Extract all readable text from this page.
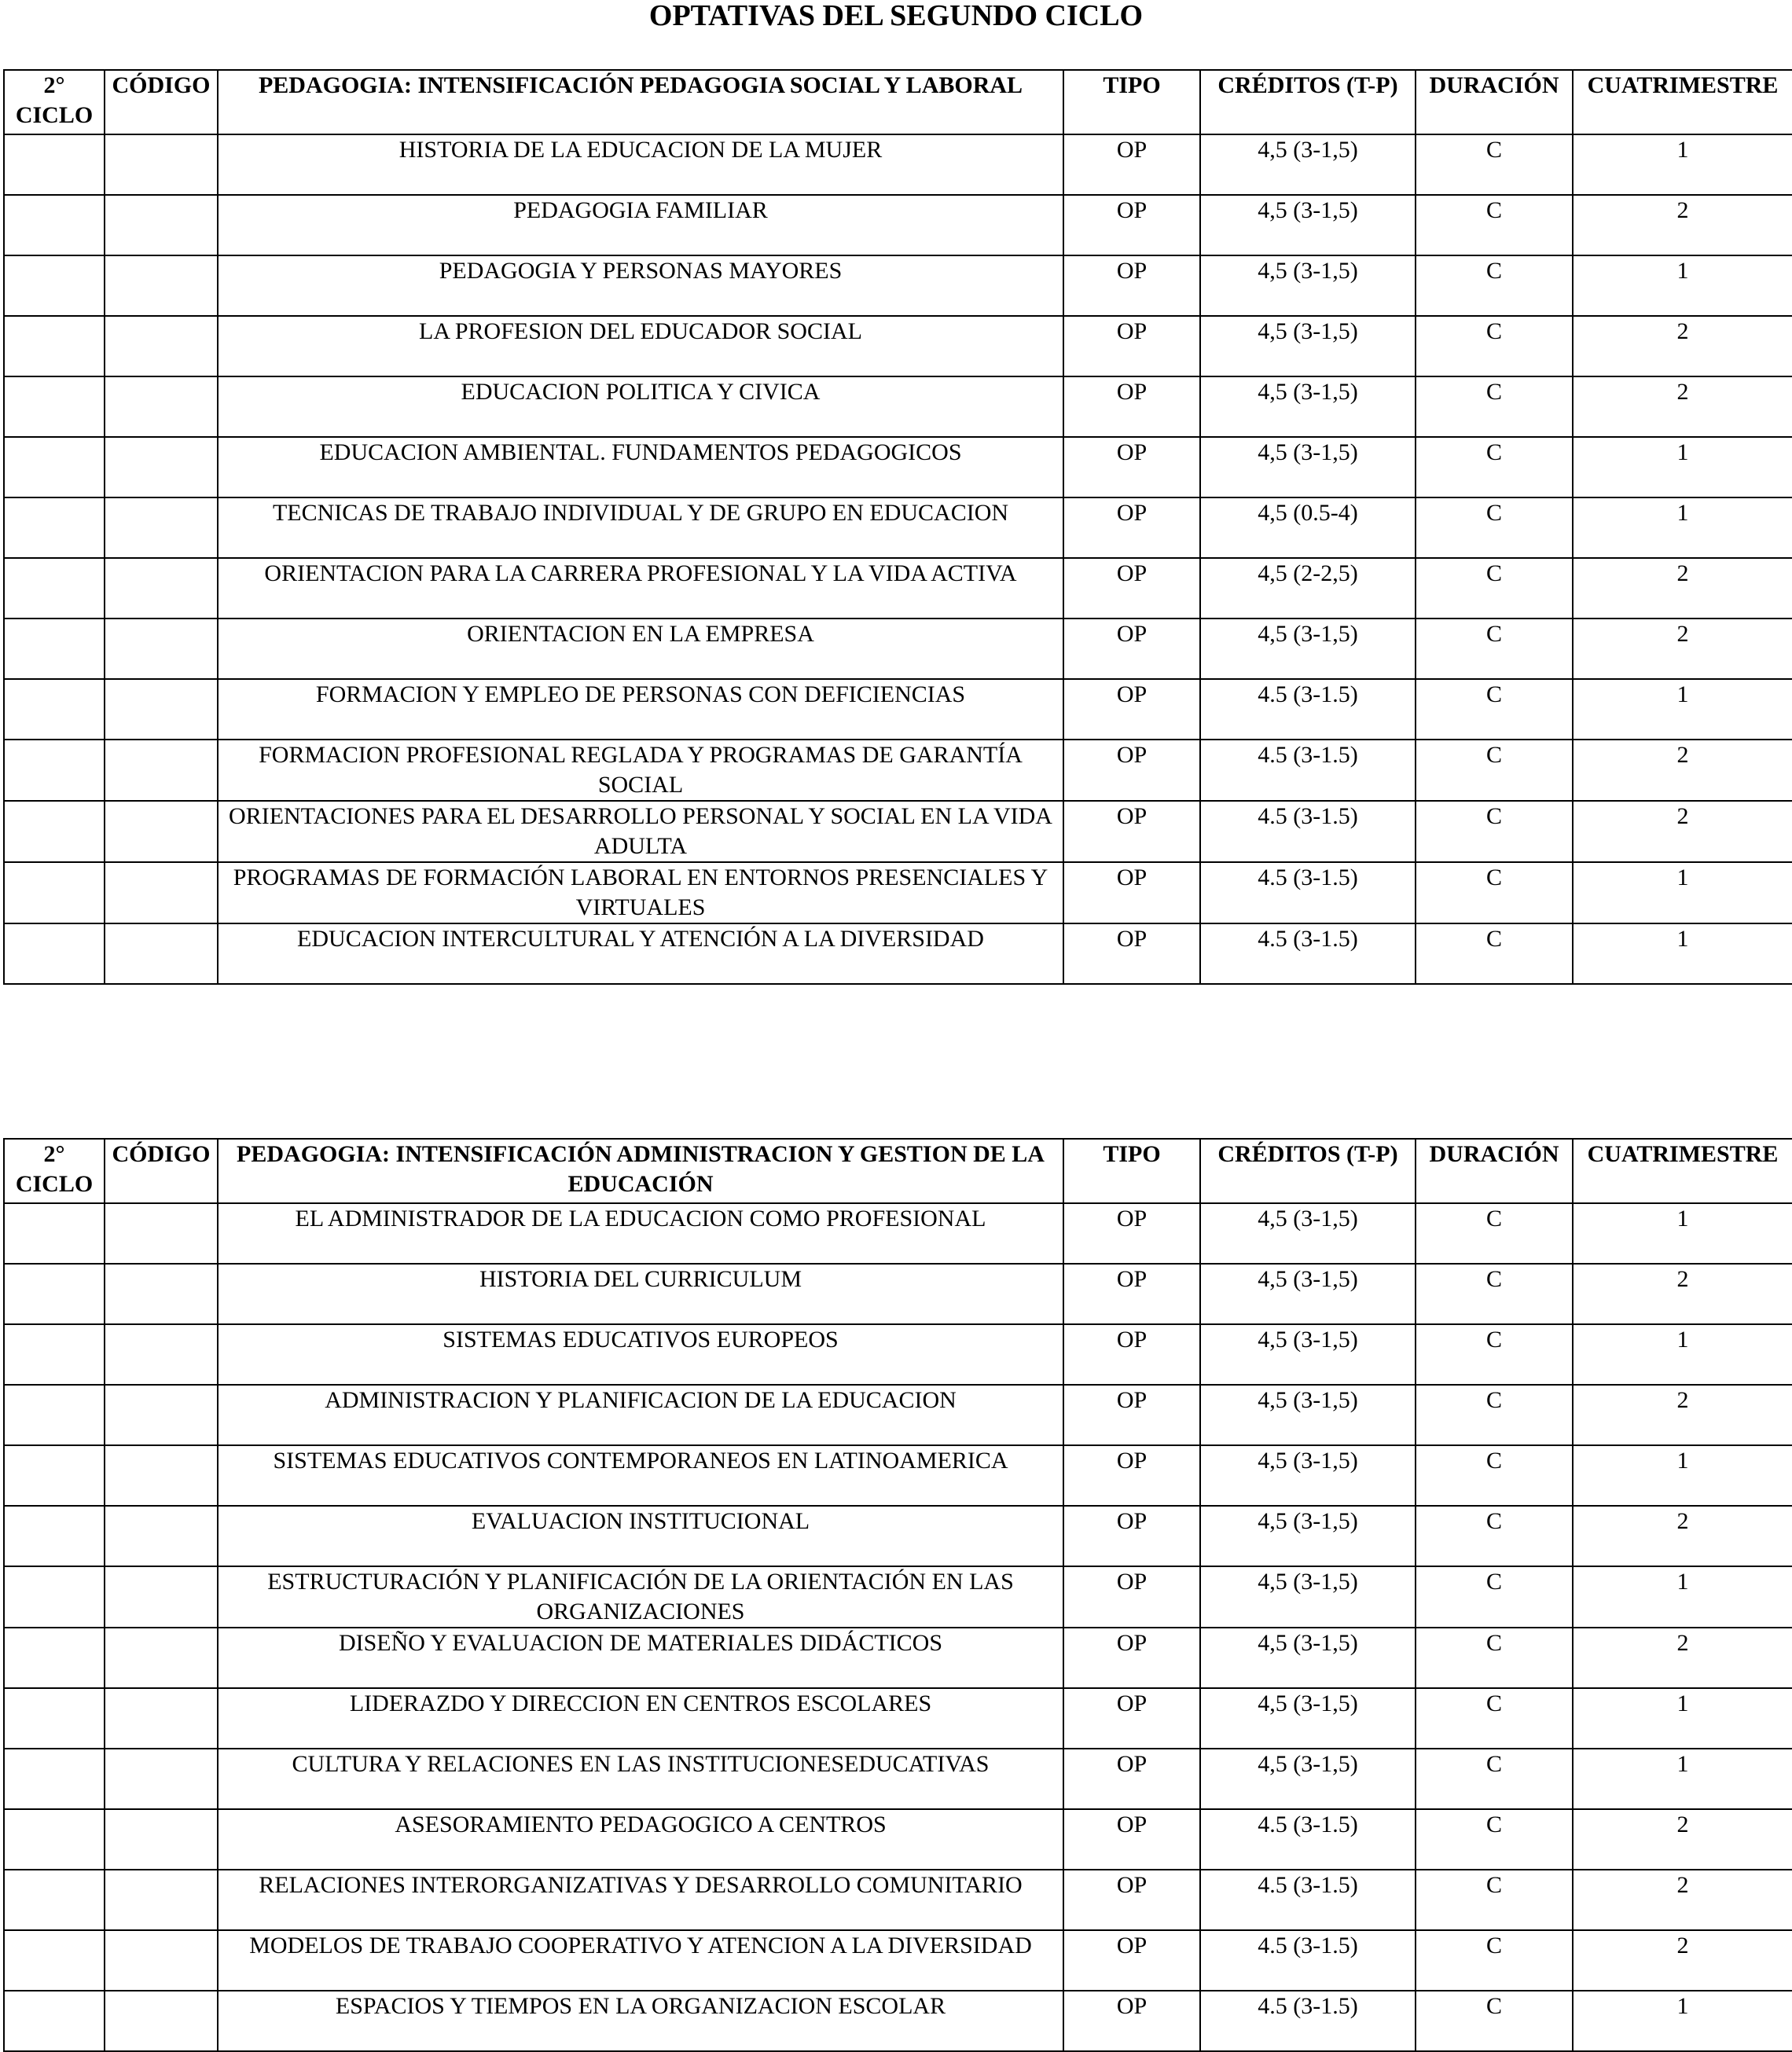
OPTATIVAS DEL SEGUNDO CICLO
2° CICLO	CÓDIGO	PEDAGOGIA: INTENSIFICACIÓN PEDAGOGIA SOCIAL Y LABORAL	TIPO	CRÉDITOS (T-P)	DURACIÓN	CUATRIMESTRE
		HISTORIA DE LA EDUCACION DE LA MUJER	OP	4,5 (3-1,5)	C	1
		PEDAGOGIA FAMILIAR	OP	4,5 (3-1,5)	C	2
		PEDAGOGIA Y PERSONAS MAYORES	OP	4,5 (3-1,5)	C	1
		LA PROFESION DEL EDUCADOR SOCIAL	OP	4,5 (3-1,5)	C	2
		EDUCACION POLITICA Y CIVICA	OP	4,5 (3-1,5)	C	2
		EDUCACION AMBIENTAL. FUNDAMENTOS PEDAGOGICOS	OP	4,5 (3-1,5)	C	1
		TECNICAS DE TRABAJO INDIVIDUAL Y DE GRUPO EN EDUCACION	OP	4,5 (0.5-4)	C	1
		ORIENTACION PARA LA CARRERA PROFESIONAL Y LA VIDA ACTIVA	OP	4,5 (2-2,5)	C	2
		ORIENTACION EN LA EMPRESA	OP	4,5 (3-1,5)	C	2
		FORMACION Y EMPLEO DE PERSONAS CON DEFICIENCIAS	OP	4.5 (3-1.5)	C	1
		FORMACION PROFESIONAL REGLADA Y PROGRAMAS DE GARANTÍA SOCIAL	OP	4.5 (3-1.5)	C	2
		ORIENTACIONES PARA EL DESARROLLO PERSONAL Y SOCIAL EN LA VIDA ADULTA	OP	4.5 (3-1.5)	C	2
		PROGRAMAS DE FORMACIÓN LABORAL EN ENTORNOS PRESENCIALES Y VIRTUALES	OP	4.5 (3-1.5)	C	1
		EDUCACION INTERCULTURAL Y ATENCIÓN A LA DIVERSIDAD	OP	4.5 (3-1.5)	C	1
2° CICLO	CÓDIGO	PEDAGOGIA: INTENSIFICACIÓN ADMINISTRACION Y GESTION DE LA EDUCACIÓN	TIPO	CRÉDITOS (T-P)	DURACIÓN	CUATRIMESTRE
		EL ADMINISTRADOR DE LA EDUCACION COMO PROFESIONAL	OP	4,5 (3-1,5)	C	1
		HISTORIA DEL CURRICULUM	OP	4,5 (3-1,5)	C	2
		SISTEMAS EDUCATIVOS EUROPEOS	OP	4,5 (3-1,5)	C	1
		ADMINISTRACION Y PLANIFICACION DE LA EDUCACION	OP	4,5 (3-1,5)	C	2
		SISTEMAS EDUCATIVOS CONTEMPORANEOS EN LATINOAMERICA	OP	4,5 (3-1,5)	C	1
		EVALUACION INSTITUCIONAL	OP	4,5 (3-1,5)	C	2
		ESTRUCTURACIÓN Y PLANIFICACIÓN DE LA ORIENTACIÓN EN LAS ORGANIZACIONES	OP	4,5 (3-1,5)	C	1
		DISEÑO Y EVALUACION DE MATERIALES DIDÁCTICOS	OP	4,5 (3-1,5)	C	2
		LIDERAZDO Y DIRECCION EN CENTROS ESCOLARES	OP	4,5 (3-1,5)	C	1
		CULTURA Y RELACIONES EN LAS INSTITUCIONESEDUCATIVAS	OP	4,5 (3-1,5)	C	1
		ASESORAMIENTO PEDAGOGICO A CENTROS	OP	4.5 (3-1.5)	C	2
		RELACIONES INTERORGANIZATIVAS Y DESARROLLO COMUNITARIO	OP	4.5 (3-1.5)	C	2
		MODELOS DE TRABAJO COOPERATIVO Y ATENCION A LA DIVERSIDAD	OP	4.5 (3-1.5)	C	2
		ESPACIOS Y TIEMPOS EN LA ORGANIZACION ESCOLAR	OP	4.5 (3-1.5)	C	1
